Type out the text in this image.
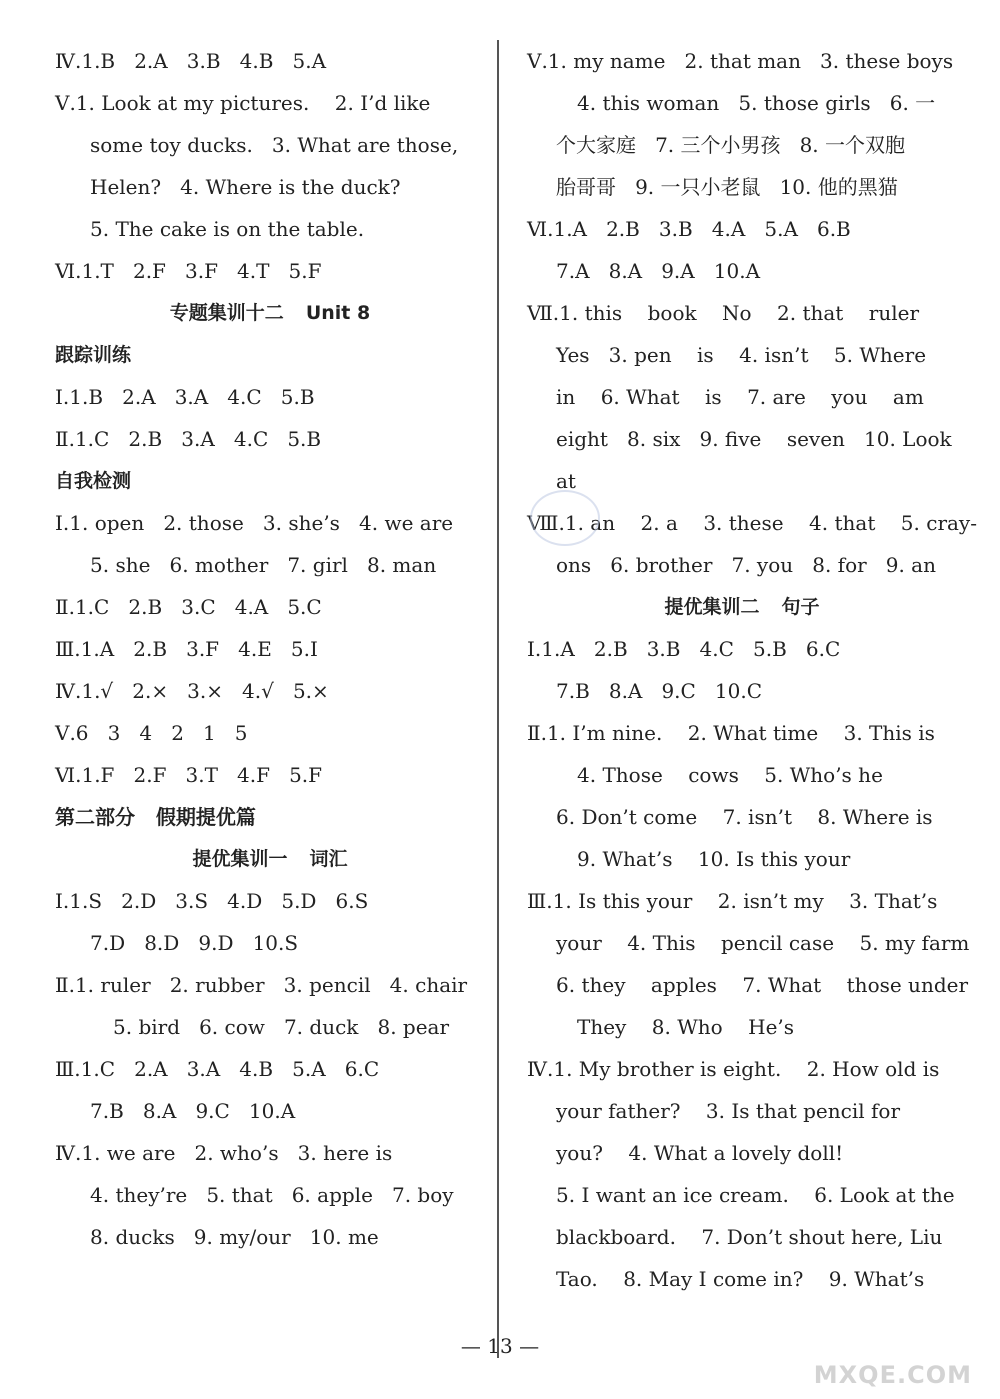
Ⅳ.1.B   2.A   3.B   4.B   5.A
Ⅴ.1. Look at my pictures.    2. I’d like
some toy ducks.   3. What are those,
Helen?   4. Where is the duck?
5. The cake is on the table.
Ⅵ.1.T   2.F   3.F   4.T   5.F
专题集训十二 Unit 8
跟踪训练
Ⅰ.1.B   2.A   3.A   4.C   5.B
Ⅱ.1.C   2.B   3.A   4.C   5.B
自我检测
Ⅰ.1. open   2. those   3. she’s   4. we are
5. she   6. mother   7. girl   8. man
Ⅱ.1.C   2.B   3.C   4.A   5.C
Ⅲ.1.A   2.B   3.F   4.E   5.I
Ⅳ.1.√   2.×   3.×   4.√   5.×
Ⅴ.6   3   4   2   1   5
Ⅵ.1.F   2.F   3.T   4.F   5.F
第二部分   假期提优篇
提优集训一 词汇
Ⅰ.1.S   2.D   3.S   4.D   5.D   6.S
7.D   8.D   9.D   10.S
Ⅱ.1. ruler   2. rubber   3. pencil   4. chair
5. bird   6. cow   7. duck   8. pear
Ⅲ.1.C   2.A   3.A   4.B   5.A   6.C
7.B   8.A   9.C   10.A
Ⅳ.1. we are   2. who’s   3. here is
4. they’re   5. that   6. apple   7. boy
8. ducks   9. my/our   10. me
Ⅴ.1. my name   2. that man   3. these boys
4. this woman   5. those girls   6. 一
个大家庭   7. 三个小男孩   8. 一个双胞
胎哥哥   9. 一只小老鼠   10. 他的黑猫
Ⅵ.1.A   2.B   3.B   4.A   5.A   6.B
7.A   8.A   9.A   10.A
Ⅶ.1. this    book    No    2. that    ruler
Yes   3. pen    is    4. isn’t    5. Where
in    6. What    is    7. are    you    am
eight   8. six   9. five    seven   10. Look
at
Ⅷ.1. an    2. a    3. these    4. that    5. cray-
ons   6. brother   7. you   8. for   9. an
提优集训二 句子
Ⅰ.1.A   2.B   3.B   4.C   5.B   6.C
7.B   8.A   9.C   10.C
Ⅱ.1. I’m nine.    2. What time    3. This is
4. Those    cows    5. Who’s he
6. Don’t come    7. isn’t    8. Where is
9. What’s    10. Is this your
Ⅲ.1. Is this your    2. isn’t my    3. That’s
your    4. This    pencil case    5. my farm
6. they    apples    7. What    those under
They    8. Who    He’s
Ⅳ.1. My brother is eight.    2. How old is
your father?    3. Is that pencil for
you?    4. What a lovely doll!
5. I want an ice cream.    6. Look at the
blackboard.    7. Don’t shout here, Liu
Tao.    8. May I come in?    9. What’s
— 13 —
MXQE.COM
